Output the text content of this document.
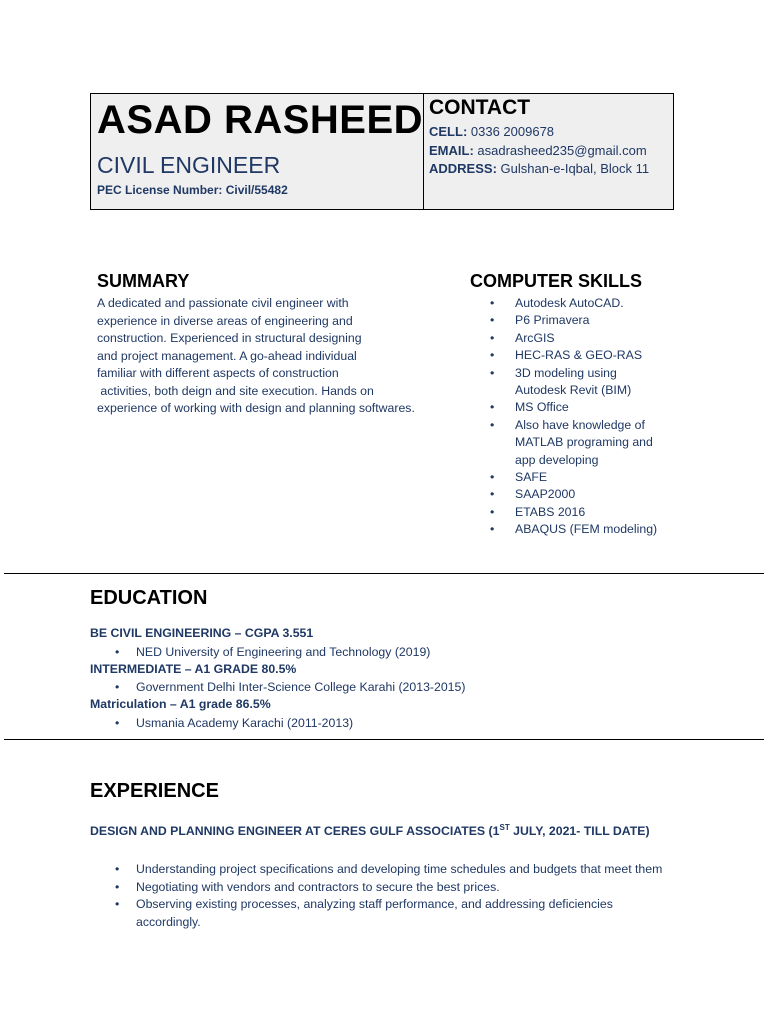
ASAD RASHEED
CIVIL ENGINEER
PEC License Number: Civil/55482
CONTACT
CELL: 0336 2009678
EMAIL: asadrasheed235@gmail.com
ADDRESS: Gulshan-e-Iqbal, Block 11
SUMMARY
A dedicated and passionate civil engineer with
experience in diverse areas of engineering and
construction. Experienced in structural designing
and project management. A go-ahead individual
familiar with different aspects of construction
activities, both deign and site execution. Hands on
experience of working with design and planning softwares.
COMPUTER SKILLS
• Autodesk AutoCAD.
• P6 Primavera
• ArcGIS
• HEC-RAS & GEO-RAS
• 3D modeling using
Autodesk Revit (BIM)
• MS Office
• Also have knowledge of
MATLAB programing and
app developing
• SAFE
• SAAP2000
• ETABS 2016
• ABAQUS (FEM modeling)
EDUCATION
BE CIVIL ENGINEERING – CGPA 3.551
• NED University of Engineering and Technology (2019)
INTERMEDIATE – A1 GRADE 80.5%
• Government Delhi Inter-Science College Karahi (2013-2015)
Matriculation – A1 grade 86.5%
• Usmania Academy Karachi (2011-2013)
EXPERIENCE
DESIGN AND PLANNING ENGINEER AT CERES GULF ASSOCIATES (1ST JULY, 2021- TILL DATE)
• Understanding project specifications and developing time schedules and budgets that meet them
• Negotiating with vendors and contractors to secure the best prices.
• Observing existing processes, analyzing staff performance, and addressing deficiencies accordingly.
